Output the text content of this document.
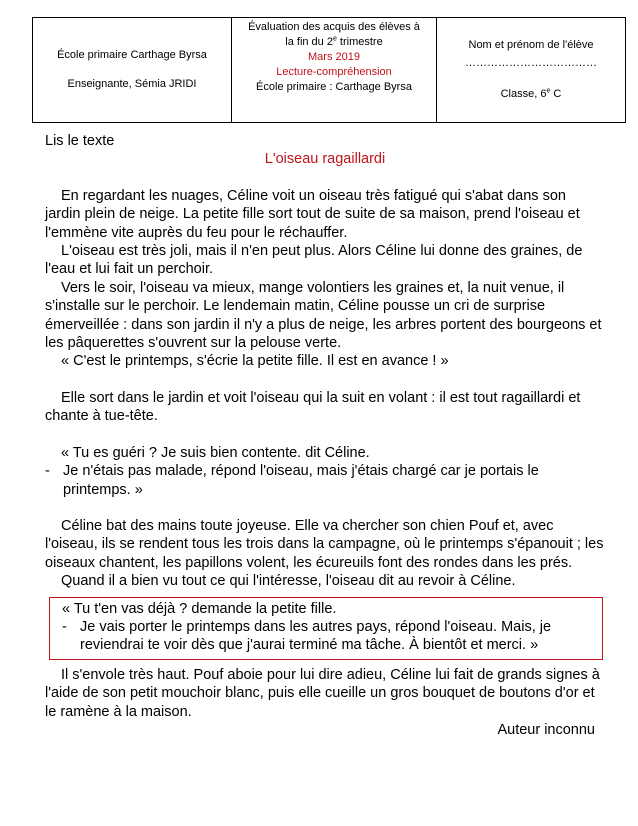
École primaire Carthage Byrsa
Enseignante, Sémia JRIDI

Évaluation des acquis des élèves à
la fin du 2e trimestre
Mars 2019
Lecture-compréhension
École primaire : Carthage Byrsa
	Nom et prénom de l'élève
………………………………
Classe, 6e C

Lis le texte

L'oiseau ragaillardi

En regardant les nuages, Céline voit un oiseau très fatigué qui s'abat dans son jardin plein de neige. La petite fille sort tout de suite de sa maison, prend l'oiseau et l'emmène vite auprès du feu pour le réchauffer.

L'oiseau est très joli, mais il n'en peut plus. Alors Céline lui donne des graines, de l'eau et lui fait un perchoir.

Vers le soir, l'oiseau va mieux, mange volontiers les graines et, la nuit venue, il s'installe sur le perchoir. Le lendemain matin, Céline pousse un cri de surprise émerveillée : dans son jardin il n'y a plus de neige, les arbres portent des bourgeons et les pâquerettes s'ouvrent sur la pelouse verte.

« C'est le printemps, s'écrie la petite fille. Il est en avance ! »

Elle sort dans le jardin et voit l'oiseau qui la suit en volant : il est tout ragaillardi et chante à tue-tête.

« Tu es guéri ? Je suis bien contente. dit Céline.

- Je n'étais pas malade, répond l'oiseau, mais j'étais chargé car je portais le printemps. »

Céline bat des mains toute joyeuse. Elle va chercher son chien Pouf et, avec l'oiseau, ils se rendent tous les trois dans la campagne, où le printemps s'épanouit ; les oiseaux chantent, les papillons volent, les écureuils font des rondes dans les prés.

Quand il a bien vu tout ce qui l'intéresse, l'oiseau dit au revoir à Céline.

« Tu t'en vas déjà ? demande la petite fille.

- Je vais porter le printemps dans les autres pays, répond l'oiseau. Mais, je reviendrai te voir dès que j'aurai terminé ma tâche. À bientôt et merci. »

Il s'envole très haut. Pouf aboie pour lui dire adieu, Céline lui fait de grands signes à l'aide de son petit mouchoir blanc, puis elle cueille un gros bouquet de boutons d'or et le ramène à la maison.

Auteur inconnu
